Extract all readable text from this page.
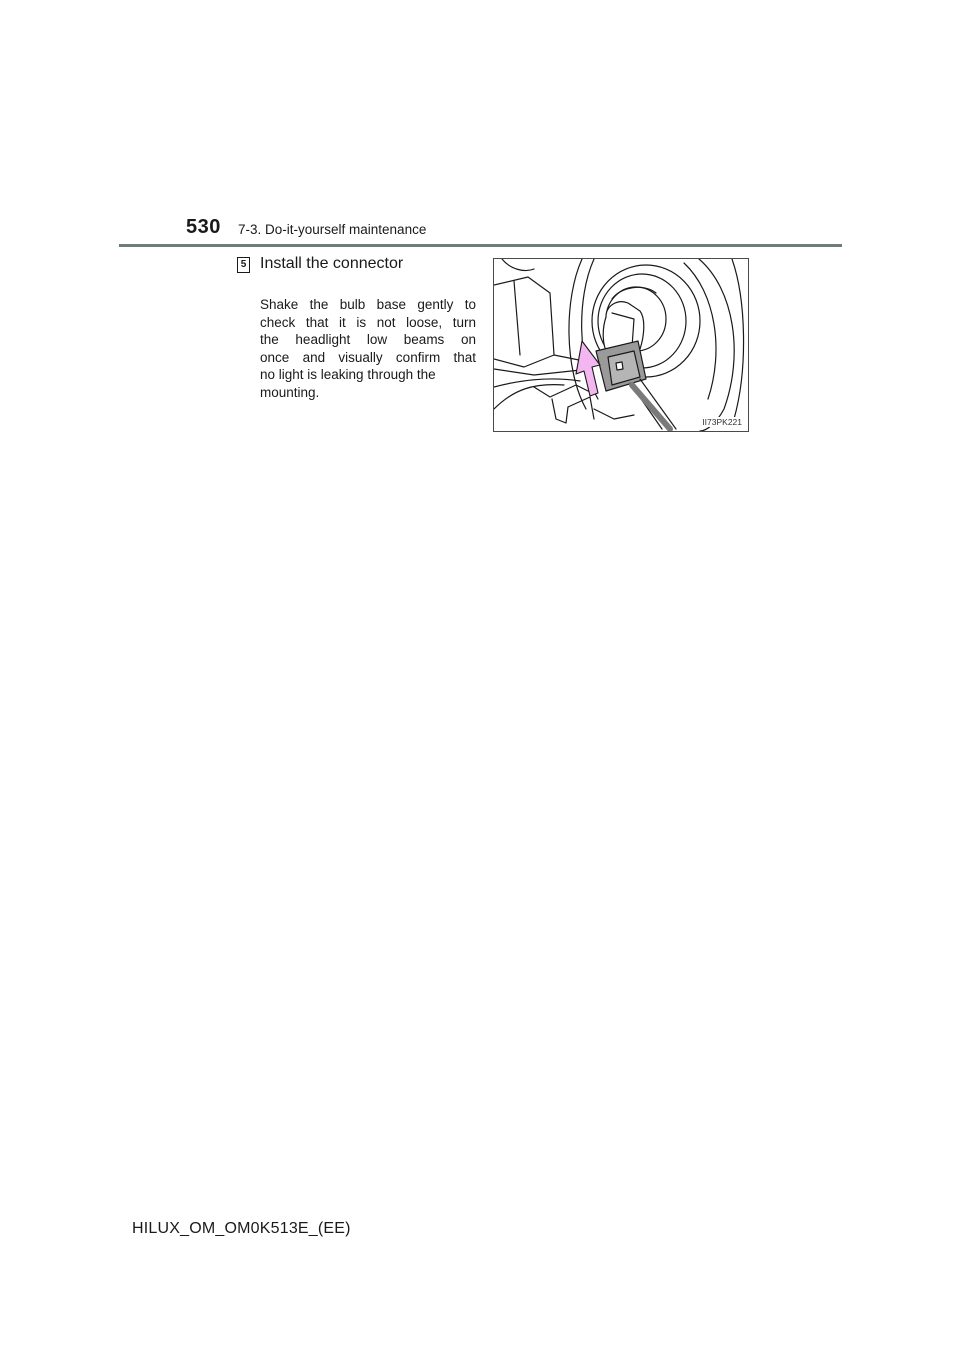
530 7-3. Do-it-yourself maintenance
5 Install the connector
Shake the bulb base gently to
check that it is not loose, turn
the headlight low beams on
once and visually confirm that
no light is leaking through the
mounting.
II73PK221
HILUX_OM_OM0K513E_(EE)
